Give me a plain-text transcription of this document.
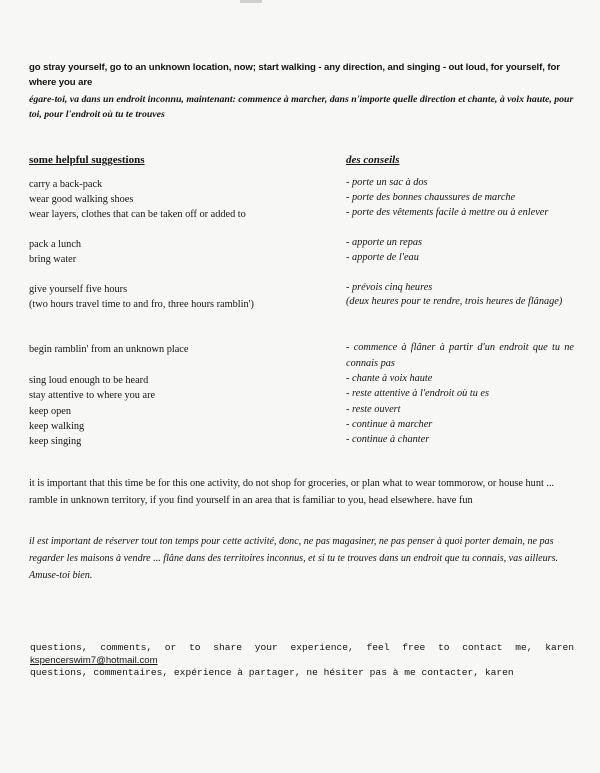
go stray yourself, go to an unknown location, now; start walking - any direction, and singing - out loud, for yourself, for where you are
égare-toi, va dans un endroit inconnu, maintenant: commence à marcher, dans n'importe quelle direction et chante, à voix haute, pour toi, pour l'endroit où tu te trouves
some helpful suggestions	des conseils
carry a back-pack
wear good walking shoes
wear layers, clothes that can be taken off or added to
pack a lunch
bring water
give yourself five hours
(two hours travel time to and fro, three hours ramblin')
begin ramblin' from an unknown place
sing loud enough to be heard
stay attentive to where you are
keep open
keep walking
keep singing
- porte un sac à dos
- porte des bonnes chaussures de marche
- porte des vêtements facile à mettre ou à enlever
- apporte un repas
- apporte de l'eau
- prévois cinq heures
(deux heures pour te rendre, trois heures de flânage)
- commence à flâner à partir d'un endroit que tu ne connais pas
- chante à voix haute
- reste attentive à l'endroit où tu es
- reste ouvert
- continue à marcher
- continue à chanter
it is important that this time be for this one activity, do not shop for groceries, or plan what to wear tommorow, or house hunt ... ramble in unknown territory, if you find yourself in an area that is familiar to you, head elsewhere. have fun
il est important de réserver tout ton temps pour cette activité, donc, ne pas magasiner, ne pas penser à quoi porter demain, ne pas regarder les maisons à vendre ... flâne dans des territoires inconnus, et si tu te trouves dans un endroit que tu connais, vas ailleurs. Amuse-toi bien.
questions, comments, or to share your experience, feel free to contact me, karen
kspencerswim7@hotmail.com
questions, commentaires, expérience à partager, ne hésiter pas à me contacter, karen
